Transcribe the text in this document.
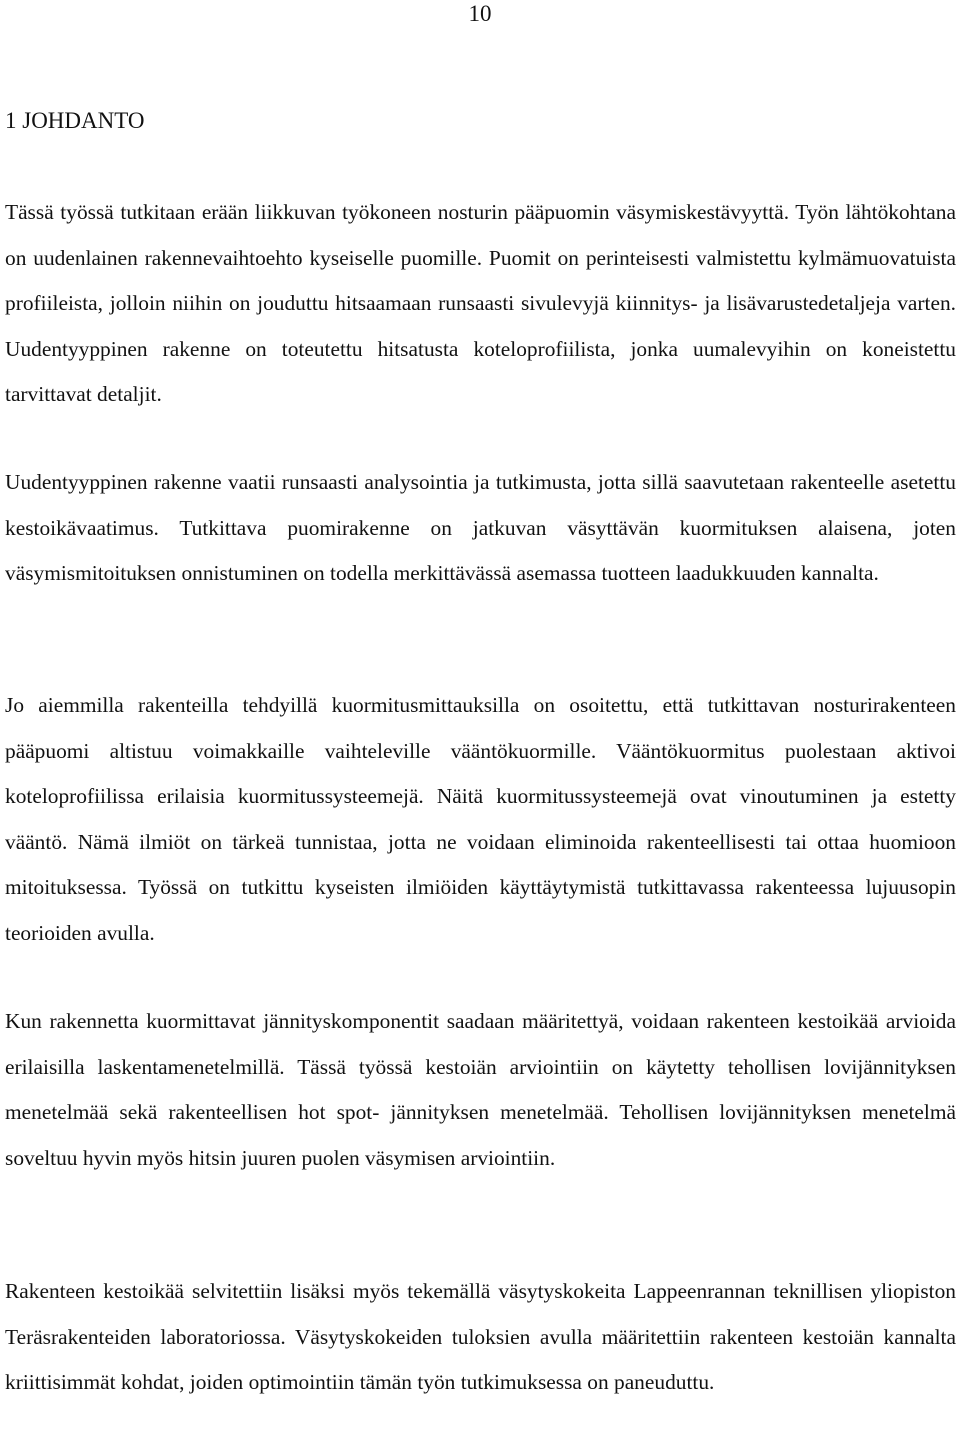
10
1 JOHDANTO

Tässä työssä tutkitaan erään liikkuvan työkoneen nosturin pääpuomin väsymiskestävyyttä. Työn lähtökohtana on uudenlainen rakennevaihtoehto kyseiselle puomille. Puomit on perinteisesti valmistettu kylmämuovatuista profiileista, jolloin niihin on jouduttu hitsaamaan runsaasti sivulevyjä kiinnitys- ja lisävarustedetaljeja varten. Uudentyyppinen rakenne on toteutettu hitsatusta koteloprofiilista, jonka uumalevyihin on koneistettu tarvittavat detaljit.

Uudentyyppinen rakenne vaatii runsaasti analysointia ja tutkimusta, jotta sillä saavutetaan rakenteelle asetettu kestoikävaatimus. Tutkittava puomirakenne on jatkuvan väsyttävän kuormituksen alaisena, joten väsymismitoituksen onnistuminen on todella merkittävässä asemassa tuotteen laadukkuuden kannalta.

Jo aiemmilla rakenteilla tehdyillä kuormitusmittauksilla on osoitettu, että tutkittavan nosturirakenteen pääpuomi altistuu voimakkaille vaihteleville vääntökuormille. Vääntökuormitus puolestaan aktivoi koteloprofiilissa erilaisia kuormitussysteemejä. Näitä kuormitussysteemejä ovat vinoutuminen ja estetty vääntö. Nämä ilmiöt on tärkeä tunnistaa, jotta ne voidaan eliminoida rakenteellisesti tai ottaa huomioon mitoituksessa. Työssä on tutkittu kyseisten ilmiöiden käyttäytymistä tutkittavassa rakenteessa lujuusopin teorioiden avulla.

Kun rakennetta kuormittavat jännityskomponentit saadaan määritettyä, voidaan rakenteen kestoikää arvioida erilaisilla laskentamenetelmillä. Tässä työssä kestoiän arviointiin on käytetty tehollisen lovijännityksen menetelmää sekä rakenteellisen hot spot- jännityksen menetelmää. Tehollisen lovijännityksen menetelmä soveltuu hyvin myös hitsin juuren puolen väsymisen arviointiin.

Rakenteen kestoikää selvitettiin lisäksi myös tekemällä väsytyskokeita Lappeenrannan teknillisen yliopiston Teräsrakenteiden laboratoriossa. Väsytyskokeiden tuloksien avulla määritettiin rakenteen kestoiän kannalta kriittisimmät kohdat, joiden optimointiin tämän työn tutkimuksessa on paneuduttu.
